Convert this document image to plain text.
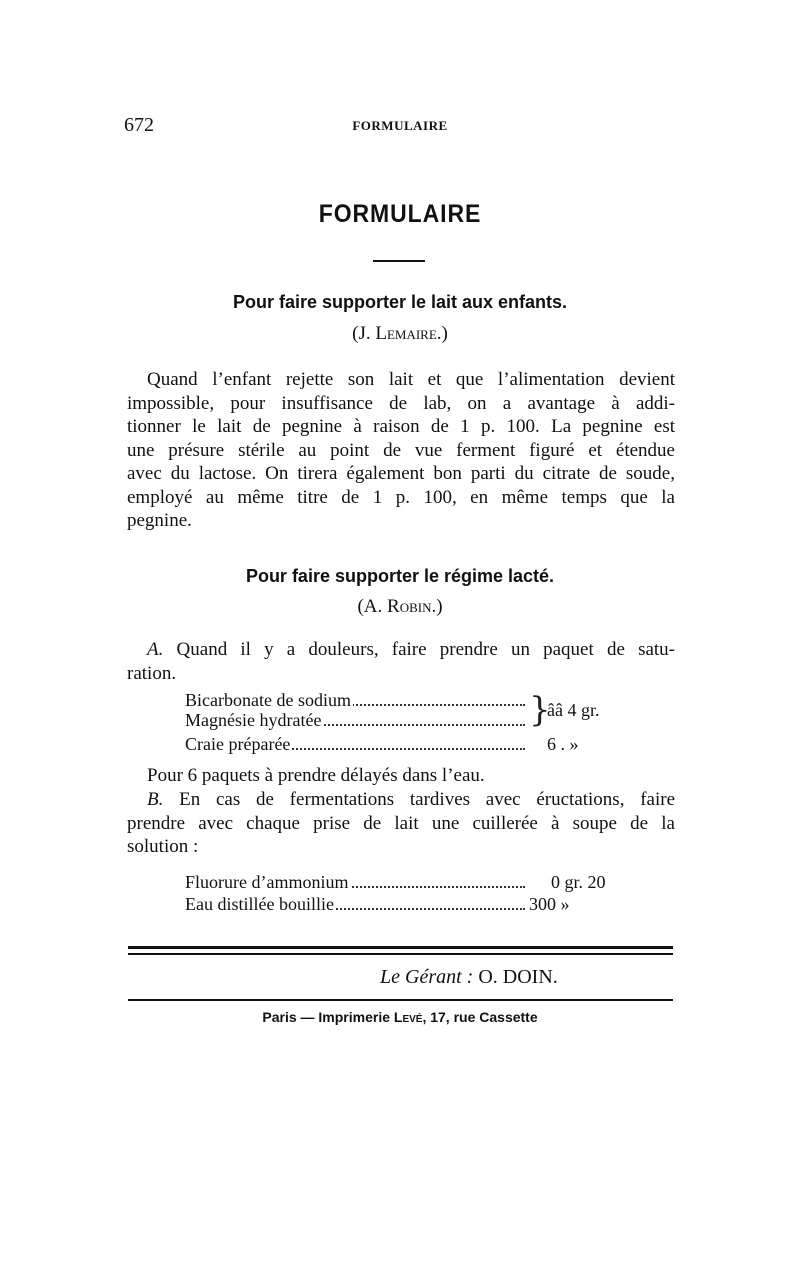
672	FORMULAIRE
FORMULAIRE
Pour faire supporter le lait aux enfants.
(J. Lemaire.)
Quand l’enfant rejette son lait et que l’alimentation devient
impossible, pour insuffisance de lab, on a avantage à addi-
tionner le lait de pegnine à raison de 1 p. 100. La pegnine est
une présure stérile au point de vue ferment figuré et étendue
avec du lactose. On tirera également bon parti du citrate de soude,
employé au même titre de 1 p. 100, en même temps que la
pegnine.
Pour faire supporter le régime lacté.
(A. Robin.)
A. Quand il y a douleurs, faire prendre un paquet de satu-
ration.
Bicarbonate de sodium
Magnésie hydratée
Craie préparée
}
ââ 4 gr.
6 . »
Pour 6 paquets à prendre délayés dans l’eau.
B. En cas de fermentations tardives avec éructations, faire
prendre avec chaque prise de lait une cuillerée à soupe de la
solution :
Fluorure d’ammonium
Eau distillée bouillie
0 gr. 20
300 »
Le Gérant : O. DOIN.
Paris — Imprimerie Levé, 17, rue Cassette
